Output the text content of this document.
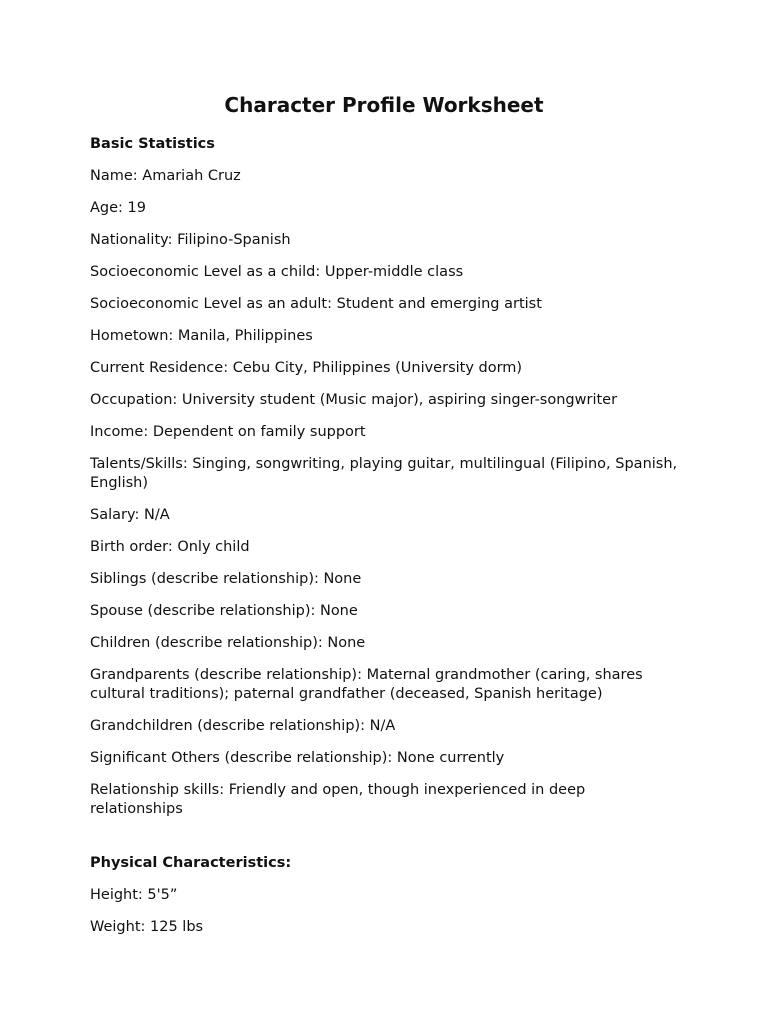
Character Profile Worksheet
Basic Statistics
Name: Amariah Cruz
Age: 19
Nationality: Filipino-Spanish
Socioeconomic Level as a child: Upper-middle class
Socioeconomic Level as an adult: Student and emerging artist
Hometown: Manila, Philippines
Current Residence: Cebu City, Philippines (University dorm)
Occupation: University student (Music major), aspiring singer-songwriter
Income: Dependent on family support
Talents/Skills: Singing, songwriting, playing guitar, multilingual (Filipino, Spanish, English)
Salary: N/A
Birth order: Only child
Siblings (describe relationship): None
Spouse (describe relationship): None
Children (describe relationship): None
Grandparents (describe relationship): Maternal grandmother (caring, shares cultural traditions); paternal grandfather (deceased, Spanish heritage)
Grandchildren (describe relationship): N/A
Significant Others (describe relationship): None currently
Relationship skills: Friendly and open, though inexperienced in deep relationships
Physical Characteristics:
Height: 5'5”
Weight: 125 lbs
